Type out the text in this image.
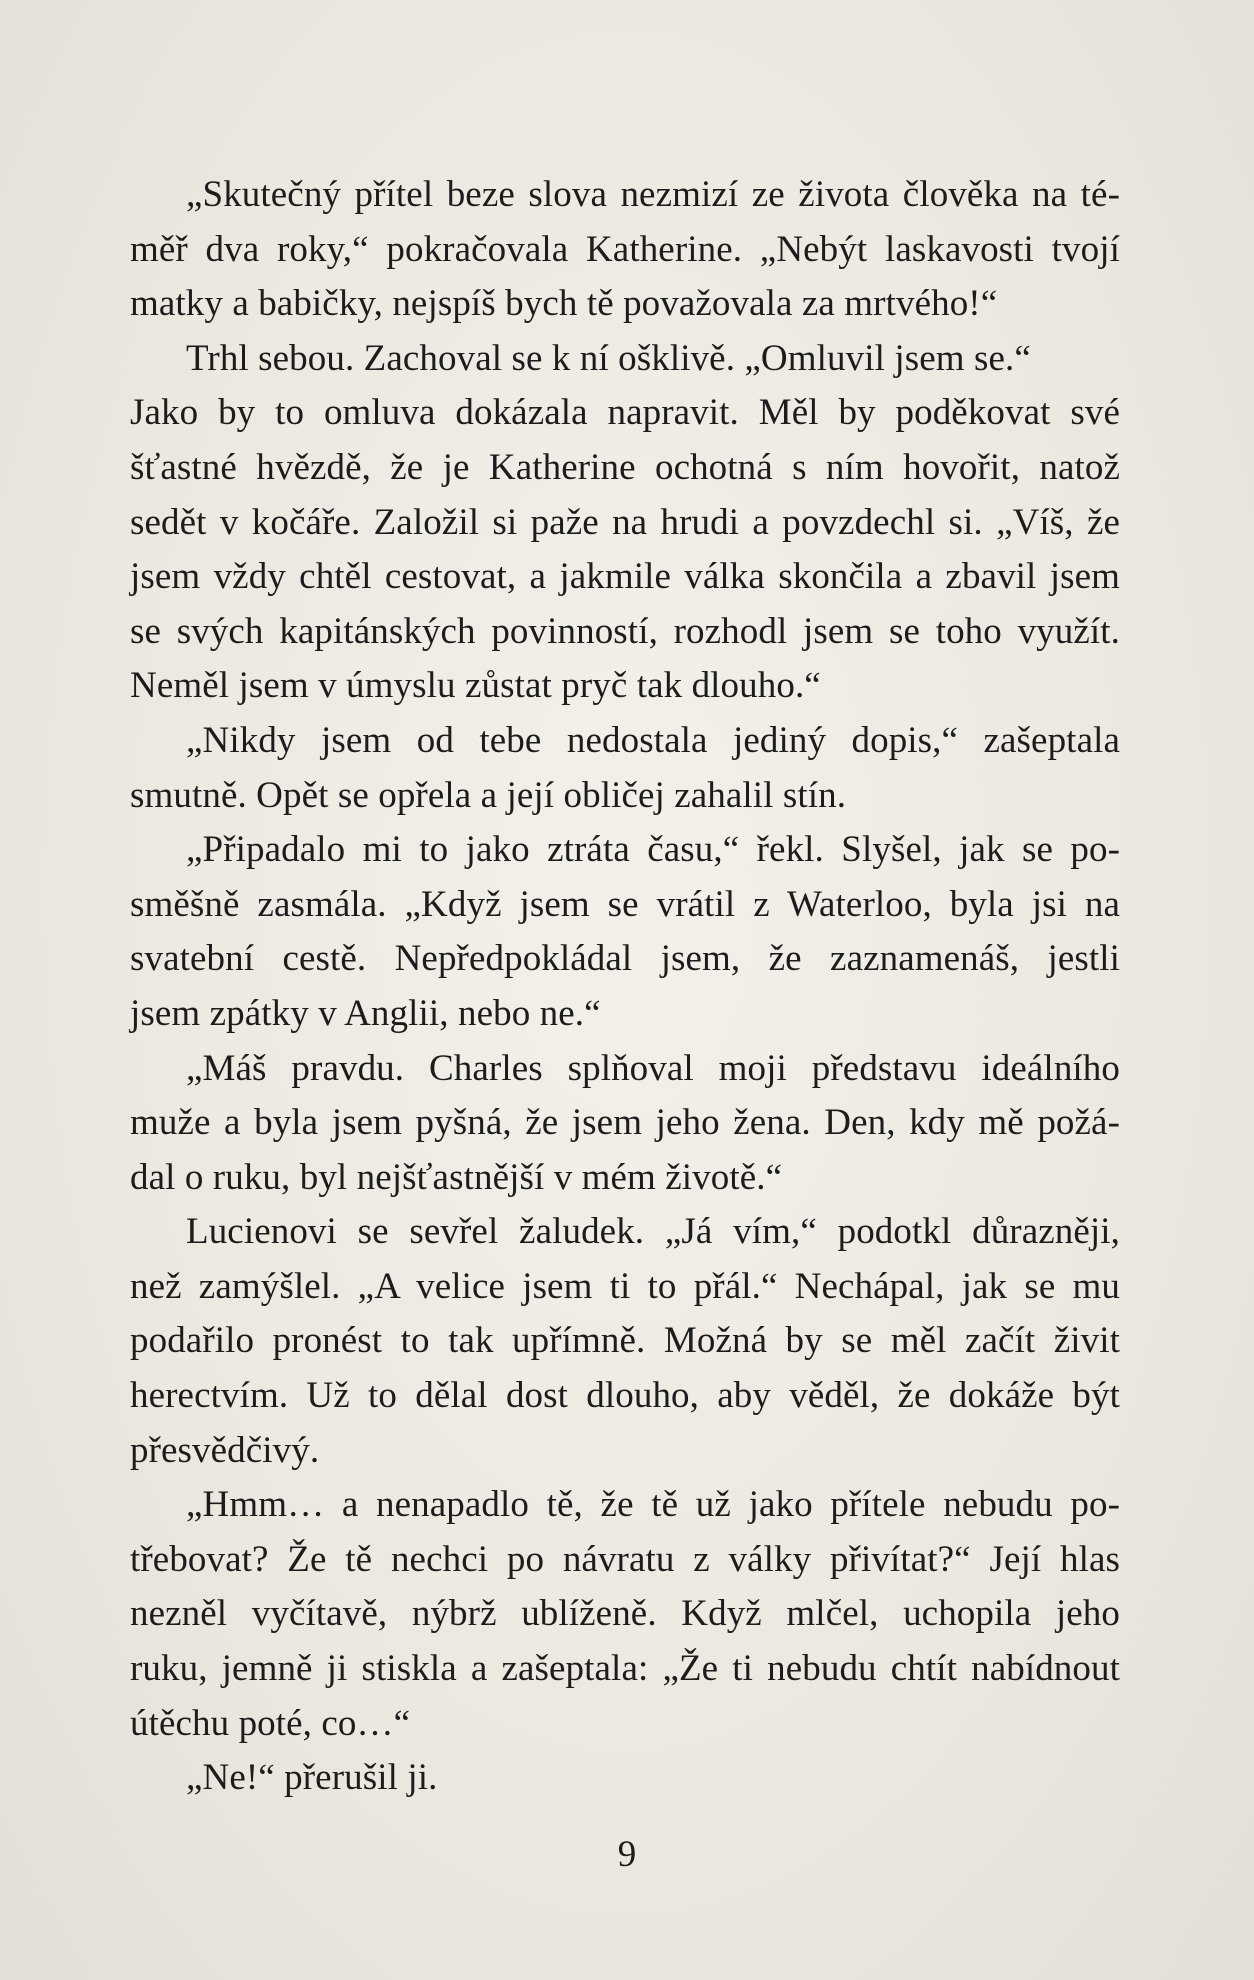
„Skutečný přítel beze slova nezmizí ze života člověka na té-
měř dva roky,“ pokračovala Katherine. „Nebýt laskavosti tvojí
matky a babičky, nejspíš bych tě považovala za mrtvého!“
Trhl sebou. Zachoval se k ní ošklivě. „Omluvil jsem se.“
Jako by to omluva dokázala napravit. Měl by poděkovat své
šťastné hvězdě, že je Katherine ochotná s ním hovořit, natož
sedět v kočáře. Založil si paže na hrudi a povzdechl si. „Víš, že
jsem vždy chtěl cestovat, a jakmile válka skončila a zbavil jsem
se svých kapitánských povinností, rozhodl jsem se toho využít.
Neměl jsem v úmyslu zůstat pryč tak dlouho.“
„Nikdy jsem od tebe nedostala jediný dopis,“ zašeptala
smutně. Opět se opřela a její obličej zahalil stín.
„Připadalo mi to jako ztráta času,“ řekl. Slyšel, jak se po-
směšně zasmála. „Když jsem se vrátil z Waterloo, byla jsi na
svatební cestě. Nepředpokládal jsem, že zaznamenáš, jestli
jsem zpátky v Anglii, nebo ne.“
„Máš pravdu. Charles splňoval moji představu ideálního
muže a byla jsem pyšná, že jsem jeho žena. Den, kdy mě požá-
dal o ruku, byl nejšťastnější v mém životě.“
Lucienovi se sevřel žaludek. „Já vím,“ podotkl důrazněji,
než zamýšlel. „A velice jsem ti to přál.“ Nechápal, jak se mu
podařilo pronést to tak upřímně. Možná by se měl začít živit
herectvím. Už to dělal dost dlouho, aby věděl, že dokáže být
přesvědčivý.
„Hmm… a nenapadlo tě, že tě už jako přítele nebudu po-
třebovat? Že tě nechci po návratu z války přivítat?“ Její hlas
nezněl vyčítavě, nýbrž ublíženě. Když mlčel, uchopila jeho
ruku, jemně ji stiskla a zašeptala: „Že ti nebudu chtít nabídnout
útěchu poté, co…“
„Ne!“ přerušil ji.
9
